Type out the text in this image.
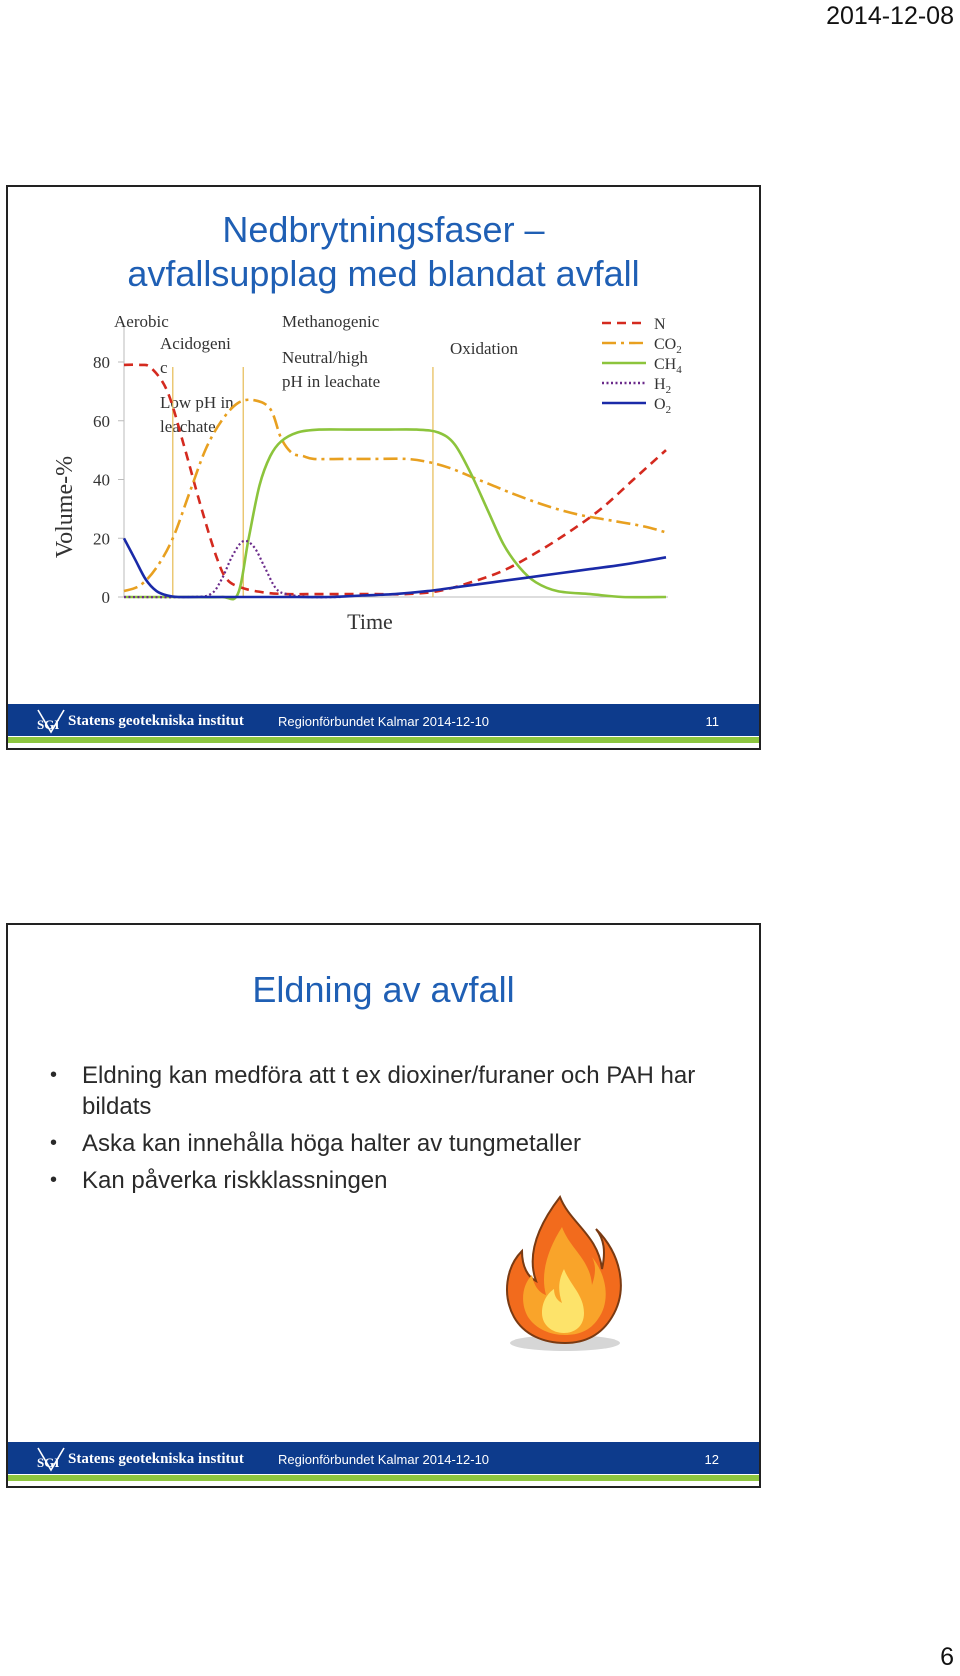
2014-12-08
Nedbrytningsfaser –
avfallsupplag med blandat avfall
Volume-%
Time
Aerobic
Acidogeni
c
Low pH in
leachate
Methanogenic
Neutral/high
pH in leachate
Oxidation
0
20
40
60
80
N
$CO_2$
$CH_4$
$H_2$
$O_2$
SGI Statens geotekniska institut	Regionförbundet Kalmar 2014-12-10	11
Eldning av avfall
• Eldning kan medföra att t ex dioxiner/furaner och PAH har bildats
• Aska kan innehålla höga halter av tungmetaller
• Kan påverka riskklassningen
SGI Statens geotekniska institut	Regionförbundet Kalmar 2014-12-10	12
6
